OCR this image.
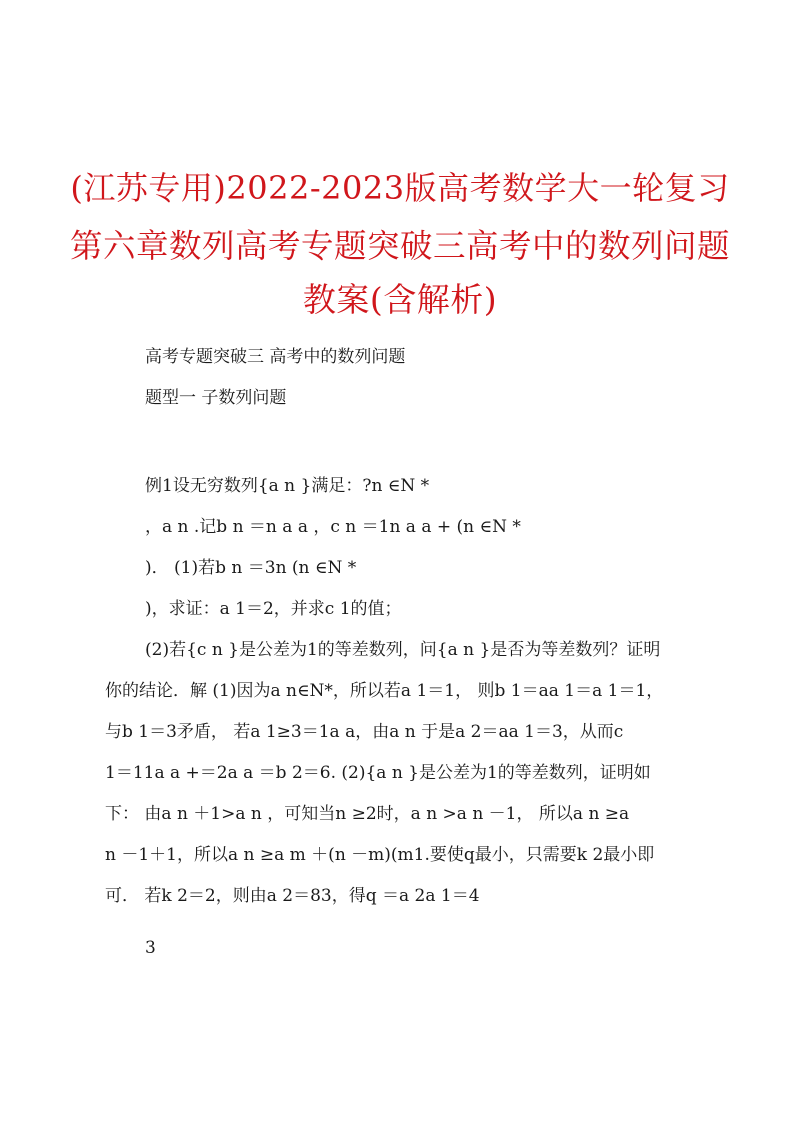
(江苏专用)2022-2023版高考数学大一轮复习
第六章数列高考专题突破三高考中的数列问题
教案(含解析)
高考专题突破三 高考中的数列问题
题型一 子数列问题
例1设无穷数列{a n }满足：?n ∈N *
，a n .记b n ＝n a a ，c n ＝1n a a + (n ∈N *
)． (1)若b n ＝3n (n ∈N *
)，求证：a 1＝2，并求c 1的值；
(2)若{c n }是公差为1的等差数列，问{a n }是否为等差数列？证明
你的结论．解 (1)因为a n∈N*，所以若a 1＝1， 则b 1＝aa 1＝a 1＝1，
与b 1＝3矛盾， 若a 1≥3＝1a a，由a n 于是a 2＝aa 1＝3，从而c
1＝11a a +＝2a a ＝b 2＝6. (2){a n }是公差为1的等差数列，证明如
下： 由a n ＋1>a n ，可知当n ≥2时，a n >a n －1， 所以a n ≥a
n －1＋1，所以a n ≥a m ＋(n －m)(m1.要使q最小，只需要k 2最小即
可． 若k 2＝2，则由a 2＝83，得q ＝a 2a 1＝4
3
